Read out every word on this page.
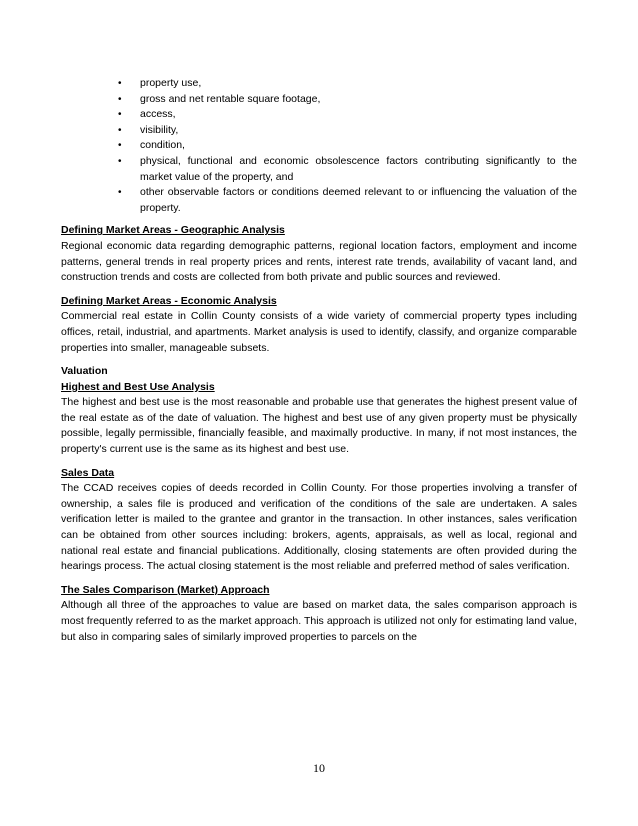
• property use,
• gross and net rentable square footage,
• access,
• visibility,
• condition,
• physical, functional and economic obsolescence factors contributing significantly to the market value of the property, and
• other observable factors or conditions deemed relevant to or influencing the valuation of the property.
Defining Market Areas - Geographic Analysis

Regional economic data regarding demographic patterns, regional location factors, employment and income patterns, general trends in real property prices and rents, interest rate trends, availability of vacant land, and construction trends and costs are collected from both private and public sources and reviewed.

Defining Market Areas - Economic Analysis

Commercial real estate in Collin County consists of a wide variety of commercial property types including offices, retail, industrial, and apartments. Market analysis is used to identify, classify, and organize comparable properties into smaller, manageable subsets.

Valuation
Highest and Best Use Analysis

The highest and best use is the most reasonable and probable use that generates the highest present value of the real estate as of the date of valuation. The highest and best use of any given property must be physically possible, legally permissible, financially feasible, and maximally productive. In many, if not most instances, the property's current use is the same as its highest and best use.

Sales Data

The CCAD receives copies of deeds recorded in Collin County. For those properties involving a transfer of ownership, a sales file is produced and verification of the conditions of the sale are undertaken. A sales verification letter is mailed to the grantee and grantor in the transaction. In other instances, sales verification can be obtained from other sources including: brokers, agents, appraisals, as well as local, regional and national real estate and financial publications. Additionally, closing statements are often provided during the hearings process. The actual closing statement is the most reliable and preferred method of sales verification.

The Sales Comparison (Market) Approach

Although all three of the approaches to value are based on market data, the sales comparison approach is most frequently referred to as the market approach. This approach is utilized not only for estimating land value, but also in comparing sales of similarly improved properties to parcels on the

10
